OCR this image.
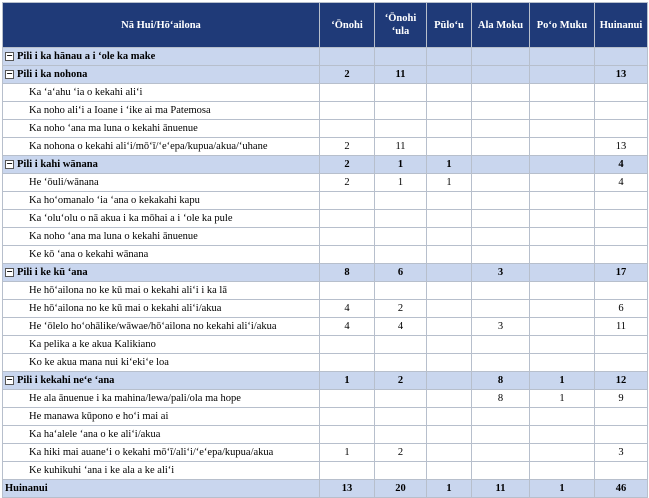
Nā Hui/Hōʻailona	ʻŌnohi	ʻŌnohi ʻula	Pūloʻu	Ala Moku	Poʻo Muku	Huinanui
− Pili i ka hānau a i ʻole ka make						
− Pili i ka nohona	2	11				13
Ka ʻaʻahu ʻia o kekahi aliʻi						
Ka noho aliʻi a Ioane i ʻike ai ma Patemosa						
Ka noho ʻana ma luna o kekahi ānuenue						
Ka nohona o kekahi aliʻi/mōʻī/ʻeʻepa/kupua/akua/ʻuhane	2	11				13
− Pili i kahi wānana	2	1	1			4
He ʻōuli/wānana	2	1	1			4
Ka hoʻomanalo ʻia ʻana o kekakahi kapu						
Ka ʻoluʻolu o nā akua i ka mōhai a i ʻole ka pule						
Ka noho ʻana ma luna o kekahi ānuenue						
Ke kō ʻana o kekahi wānana						
− Pili i ke kū ʻana	8	6		3		17
He hōʻailona no ke kū mai o kekahi aliʻi i ka lā						
He hōʻailona no ke kū mai o kekahi aliʻi/akua	4	2				6
He ʻōlelo hoʻohālike/wāwae/hōʻailona no kekahi aliʻi/akua	4	4		3		11
Ka pelika a ke akua Kalikiano						
Ko ke akua mana nui kiʻekiʻe loa						
− Pili i kekahi neʻe ʻana	1	2		8	1	12
He ala ānuenue i ka mahina/lewa/pali/ola ma hope				8	1	9
He manawa kūpono e hoʻi mai ai						
Ka haʻalele ʻana o ke aliʻi/akua						
Ka hiki mai auaneʻi o kekahi mōʻī/aliʻi/ʻeʻepa/kupua/akua	1	2				3
Ke kuhikuhi ʻana i ke ala a ke aliʻi						
Huinanui	13	20	1	11	1	46
